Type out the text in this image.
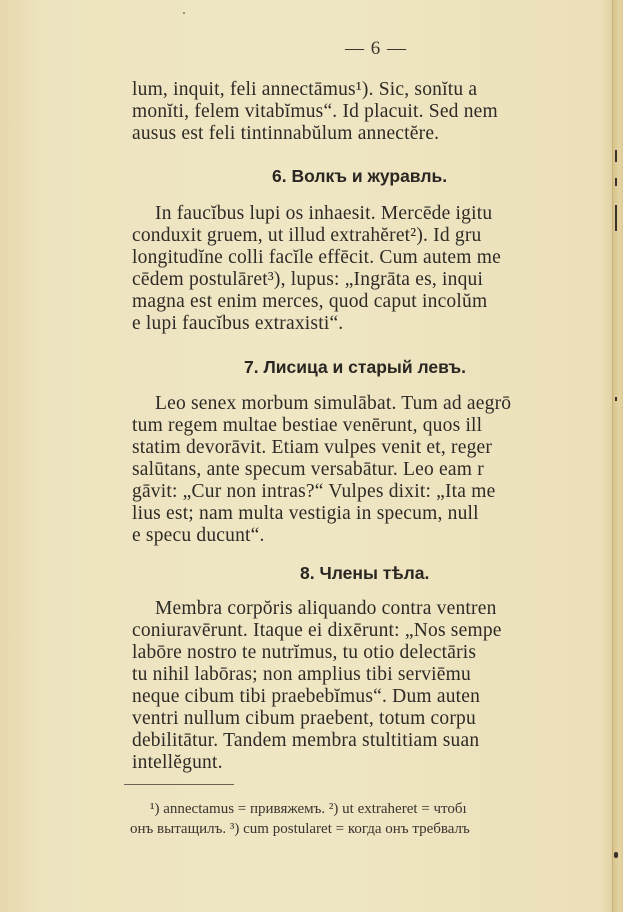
— 6 —
lum, inquit, feli annectāmus¹). Sic, sonĭtu a
monĭti, felem vitabĭmus“. Id placuit. Sed nem
ausus est feli tintinnabŭlum annectĕre.
6. Волкъ и журавль.
In faucĭbus lupi os inhaesit. Mercēde igitu
conduxit gruem, ut illud extrahĕret²). Id gru
longitudĭne colli facĭle effēcit. Cum autem me
cēdem postulāret³), lupus: „Ingrāta es, inqui
magna est enim merces, quod caput incolŭm
e lupi faucĭbus extraxisti“.
7. Лисица и старый левъ.
Leo senex morbum simulābat. Tum ad aegrō
tum regem multae bestiae venērunt, quos ill
statim devorāvit. Etiam vulpes venit et, reger
salūtans, ante specum versabātur. Leo eam r
gāvit: „Cur non intras?“ Vulpes dixit: „Ita me
lius est; nam multa vestigia in specum, null
e specu ducunt“.
8. Члены тѣла.
Membra corpŏris aliquando contra ventren
coniuravērunt. Itaque ei dixērunt: „Nos sempe
labōre nostro te nutrĭmus, tu otio delectāris
tu nihil labōras; non amplius tibi serviēmu
neque cibum tibi praebebĭmus“. Dum auten
ventri nullum cibum praebent, totum corpu
debilitātur. Tandem membra stultitiam suan
intellĕgunt.
¹) annectamus = привяжемъ. ²) ut extraheret = чтобı
онъ вытащилъ. ³) cum postularet = когда онъ требвалъ
